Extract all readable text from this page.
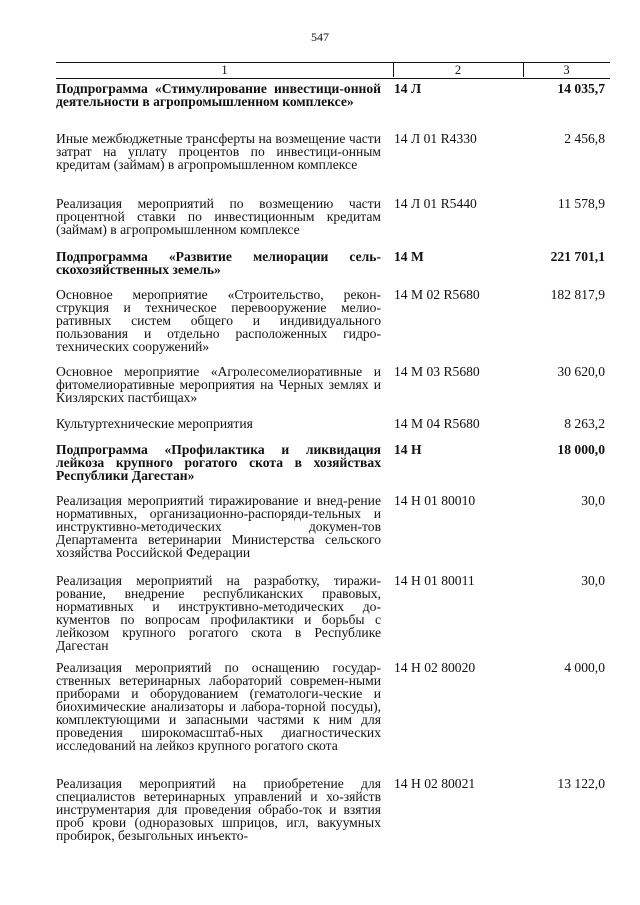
547
1	2	3
Подпрограмма «Стимулирование инвестици-онной деятельности в агропромышленном комплексе»
14 Л	14 035,7
Иные межбюджетные трансферты на возмещение части затрат на уплату процентов по инвестици-онным кредитам (займам) в агропромышленном комплексе
14 Л 01 R4330	2 456,8
Реализация мероприятий по возмещению части процентной ставки по инвестиционным кредитам (займам) в агропромышленном комплексе
14 Л 01 R5440	11 578,9
Подпрограмма «Развитие мелиорации сель-скохозяйственных земель»
14 М	221 701,1
Основное мероприятие «Строительство, рекон-струкция и техническое перевооружение мелио-ративных систем общего и индивидуального пользования и отдельно расположенных гидро-технических сооружений»
14 М 02 R5680	182 817,9
Основное мероприятие «Агролесомелиоративные и фитомелиоративные мероприятия на Черных землях и Кизлярских пастбищах»
14 М 03 R5680	30 620,0
Культуртехнические мероприятия	14 М 04 R5680	8 263,2
Подпрограмма «Профилактика и ликвидация лейкоза крупного рогатого скота в хозяйствах Республики Дагестан»
14 Н	18 000,0
Реализация мероприятий тиражирование и внед-рение нормативных, организационно-распоряди-тельных и инструктивно-методических докумен-тов Департамента ветеринарии Министерства сельского хозяйства Российской Федерации
14 Н 01 80010	30,0
Реализация мероприятий на разработку, тиражи-рование, внедрение республиканских правовых, нормативных и инструктивно-методических до-кументов по вопросам профилактики и борьбы с лейкозом крупного рогатого скота в Республике Дагестан
14 Н 01 80011	30,0
Реализация мероприятий по оснащению государ-ственных ветеринарных лабораторий современ-ными приборами и оборудованием (гематологи-ческие и биохимические анализаторы и лабора-торной посуды), комплектующими и запасными частями к ним для проведения широкомасштаб-ных диагностических исследований на лейкоз крупного рогатого скота
14 Н 02 80020	4 000,0
Реализация мероприятий на приобретение для специалистов ветеринарных управлений и хо-зяйств инструментария для проведения обрабо-ток и взятия проб крови (одноразовых шприцов, игл, вакуумных пробирок, безыгольных инъекто-
14 Н 02 80021	13 122,0
